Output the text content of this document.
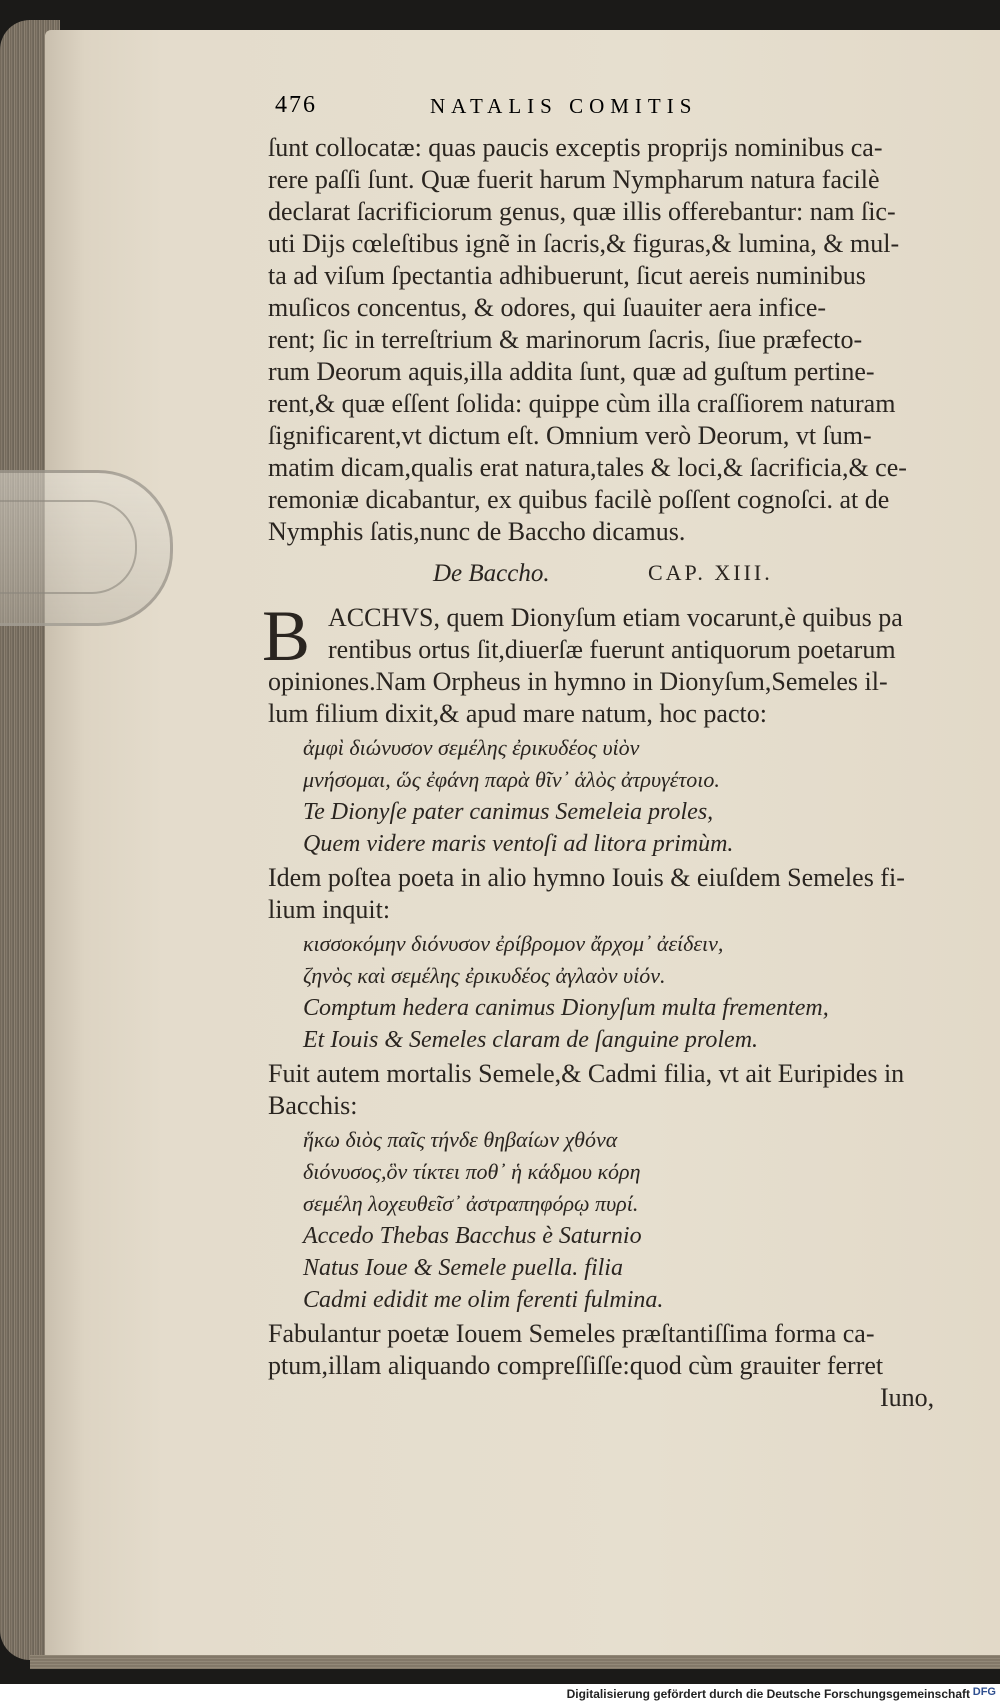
476	NATALIS COMITIS
ſunt collocatæ: quas paucis exceptis proprijs nominibus ca-
rere paſſi ſunt. Quæ fuerit harum Nympharum natura facilè
declarat ſacrificiorum genus, quæ illis offerebantur: nam ſic-
uti Dijs cœleſtibus ignẽ in ſacris,& figuras,& lumina, & mul-
ta ad viſum ſpectantia adhibuerunt, ſicut aereis numinibus
muſicos concentus, & odores, qui ſuauiter aera infice-
rent; ſic in terreſtrium & marinorum ſacris, ſiue præfecto-
rum Deorum aquis,illa addita ſunt, quæ ad guſtum pertine-
rent,& quæ eſſent ſolida: quippe cùm illa craſſiorem naturam
ſignificarent,vt dictum eſt. Omnium verò Deorum, vt ſum-
matim dicam,qualis erat natura,tales & loci,& ſacrificia,& ce-
remoniæ dicabantur, ex quibus facilè poſſent cognoſci. at de
Nymphis ſatis,nunc de Baccho dicamus.
De Baccho.	CAP. XIII.
ACCHVS, quem Dionyſum etiam vocarunt,è quibus pa
rentibus ortus ſit,diuerſæ fuerunt antiquorum poetarum
opiniones.Nam Orpheus in hymno in Dionyſum,Semeles il-
lum filium dixit,& apud mare natum, hoc pacto:
ἀμφὶ διώνυσον σεμέλης ἐρικυδέος υἱὸν
μνήσομαι, ὥς ἐφάνη παρὰ θῖν᾽ ἁλὸς ἀτρυγέτοιο.
Te Dionyſe pater canimus Semeleia proles,
Quem videre maris ventoſi ad litora primùm.
Idem poſtea poeta in alio hymno Iouis & eiuſdem Semeles fi-
lium inquit:
κισσοκόμην διόνυσον ἐρίβρομον ἄρχομ᾽ ἀείδειν,
ζηνὸς καὶ σεμέλης ἐρικυδέος ἀγλαὸν υἱόν.
Comptum hedera canimus Dionyſum multa frementem,
Et Iouis & Semeles claram de ſanguine prolem.
Fuit autem mortalis Semele,& Cadmi filia, vt ait Euripides in
Bacchis:
ἥκω διὸς παῖς τήνδε θηβαίων χθόνα
διόνυσος,ὃν τίκτει ποθ᾽ ἡ κάδμου κόρη
σεμέλη λοχευθεῖσ᾽ ἀστραπηφόρῳ πυρί.
Accedo Thebas Bacchus è Saturnio
Natus Ioue & Semele puella. filia
Cadmi edidit me olim ferenti fulmina.
Fabulantur poetæ Iouem Semeles præſtantiſſima forma ca-
ptum,illam aliquando compreſſiſſe:quod cùm grauiter ferret
Iuno,
B
Digitalisierung gefördert durch die Deutsche Forschungsgemeinschaft DFG
